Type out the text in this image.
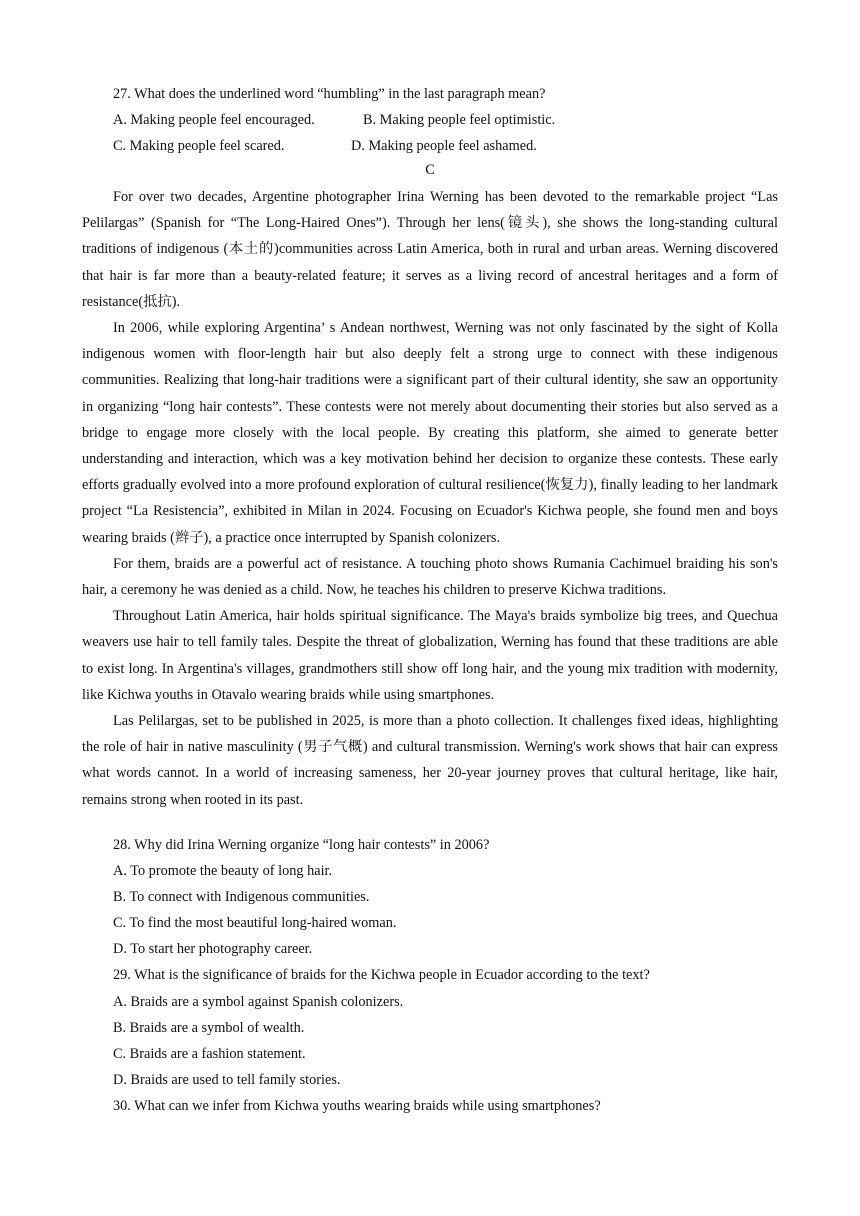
27. What does the underlined word “humbling” in the last paragraph mean?
A. Making people feel encouraged.	B. Making people feel optimistic.
C. Making people feel scared.	D. Making people feel ashamed.
C

For over two decades, Argentine photographer Irina Werning has been devoted to the remarkable project “Las Pelilargas” (Spanish for “The Long-Haired Ones”). Through her lens(镜头), she shows the long-standing cultural traditions of indigenous (本土的)communities across Latin America, both in rural and urban areas. Werning discovered that hair is far more than a beauty-related feature; it serves as a living record of ancestral heritages and a form of resistance(抵抗).

In 2006, while exploring Argentina’ s Andean northwest, Werning was not only fascinated by the sight of Kolla indigenous women with floor-length hair but also deeply felt a strong urge to connect with these indigenous communities. Realizing that long-hair traditions were a significant part of their cultural identity, she saw an opportunity in organizing “long hair contests”. These contests were not merely about documenting their stories but also served as a bridge to engage more closely with the local people. By creating this platform, she aimed to generate better understanding and interaction, which was a key motivation behind her decision to organize these contests. These early efforts gradually evolved into a more profound exploration of cultural resilience(恢复力), finally leading to her landmark project “La Resistencia”, exhibited in Milan in 2024. Focusing on Ecuador's Kichwa people, she found men and boys wearing braids (辫子), a practice once interrupted by Spanish colonizers.

For them, braids are a powerful act of resistance. A touching photo shows Rumania Cachimuel braiding his son's hair, a ceremony he was denied as a child. Now, he teaches his children to preserve Kichwa traditions.

Throughout Latin America, hair holds spiritual significance. The Maya's braids symbolize big trees, and Quechua weavers use hair to tell family tales. Despite the threat of globalization, Werning has found that these traditions are able to exist long. In Argentina's villages, grandmothers still show off long hair, and the young mix tradition with modernity, like Kichwa youths in Otavalo wearing braids while using smartphones.

Las Pelilargas, set to be published in 2025, is more than a photo collection. It challenges fixed ideas, highlighting the role of hair in native masculinity (男子气概) and cultural transmission. Werning's work shows that hair can express what words cannot. In a world of increasing sameness, her 20-year journey proves that cultural heritage, like hair, remains strong when rooted in its past.

28. Why did Irina Werning organize “long hair contests” in 2006?
A. To promote the beauty of long hair.
B. To connect with Indigenous communities.
C. To find the most beautiful long-haired woman.
D. To start her photography career.
29. What is the significance of braids for the Kichwa people in Ecuador according to the text?
A. Braids are a symbol against Spanish colonizers.
B. Braids are a symbol of wealth.
C. Braids are a fashion statement.
D. Braids are used to tell family stories.
30. What can we infer from Kichwa youths wearing braids while using smartphones?
